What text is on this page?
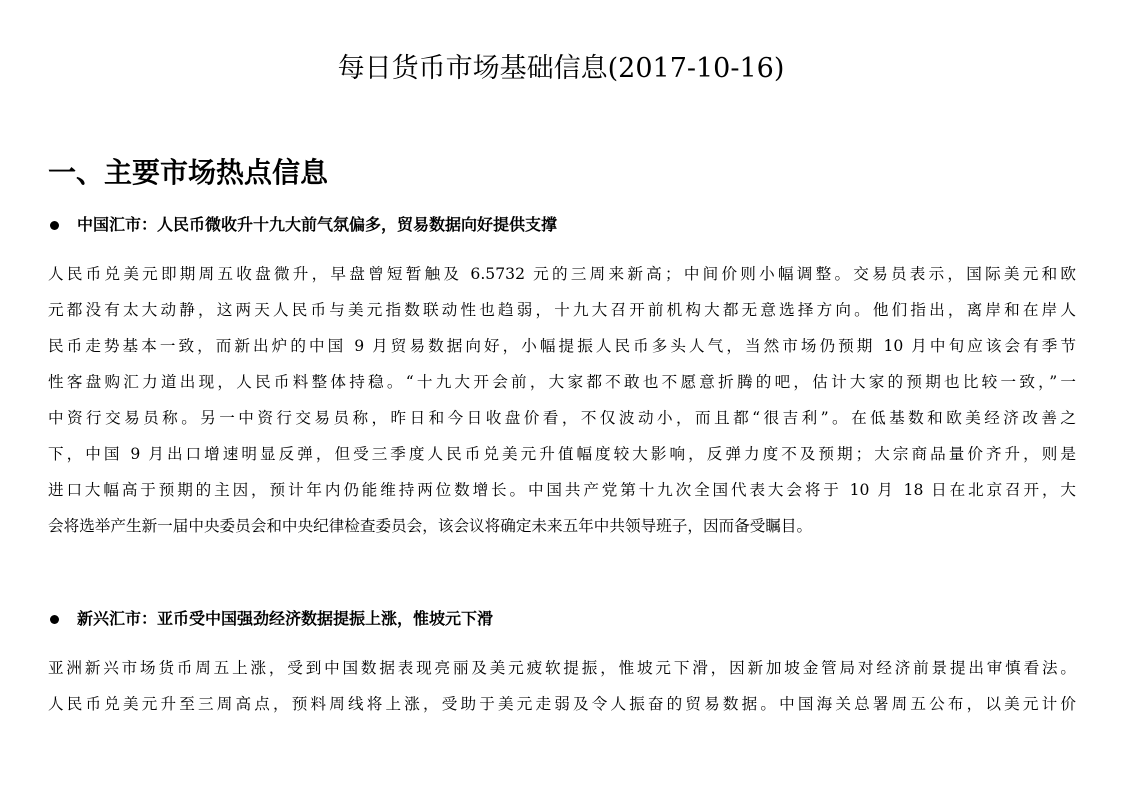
每日货币市场基础信息(2017-10-16)
一、主要市场热点信息
中国汇市：人民币微收升十九大前气氛偏多，贸易数据向好提供支撑
人民币兑美元即期周五收盘微升，早盘曾短暂触及 6.5732 元的三周来新高；中间价则小幅调整。交易员表示，国际美元和欧
元都没有太大动静，这两天人民币与美元指数联动性也趋弱，十九大召开前机构大都无意选择方向。他们指出，离岸和在岸人
民币走势基本一致，而新出炉的中国 9 月贸易数据向好，小幅提振人民币多头人气，当然市场仍预期 10 月中旬应该会有季节
性客盘购汇力道出现，人民币料整体持稳。“十九大开会前，大家都不敢也不愿意折腾的吧，估计大家的预期也比较一致，”一
中资行交易员称。另一中资行交易员称，昨日和今日收盘价看，不仅波动小，而且都“很吉利”。在低基数和欧美经济改善之
下，中国 9 月出口增速明显反弹，但受三季度人民币兑美元升值幅度较大影响，反弹力度不及预期；大宗商品量价齐升，则是
进口大幅高于预期的主因，预计年内仍能维持两位数增长。中国共产党第十九次全国代表大会将于 10 月 18 日在北京召开，大
会将选举产生新一届中央委员会和中央纪律检查委员会，该会议将确定未来五年中共领导班子，因而备受瞩目。
新兴汇市：亚币受中国强劲经济数据提振上涨，惟坡元下滑
亚洲新兴市场货币周五上涨，受到中国数据表现亮丽及美元疲软提振，惟坡元下滑，因新加坡金管局对经济前景提出审慎看法。
人民币兑美元升至三周高点，预料周线将上涨，受助于美元走弱及令人振奋的贸易数据。中国海关总署周五公布，以美元计价
